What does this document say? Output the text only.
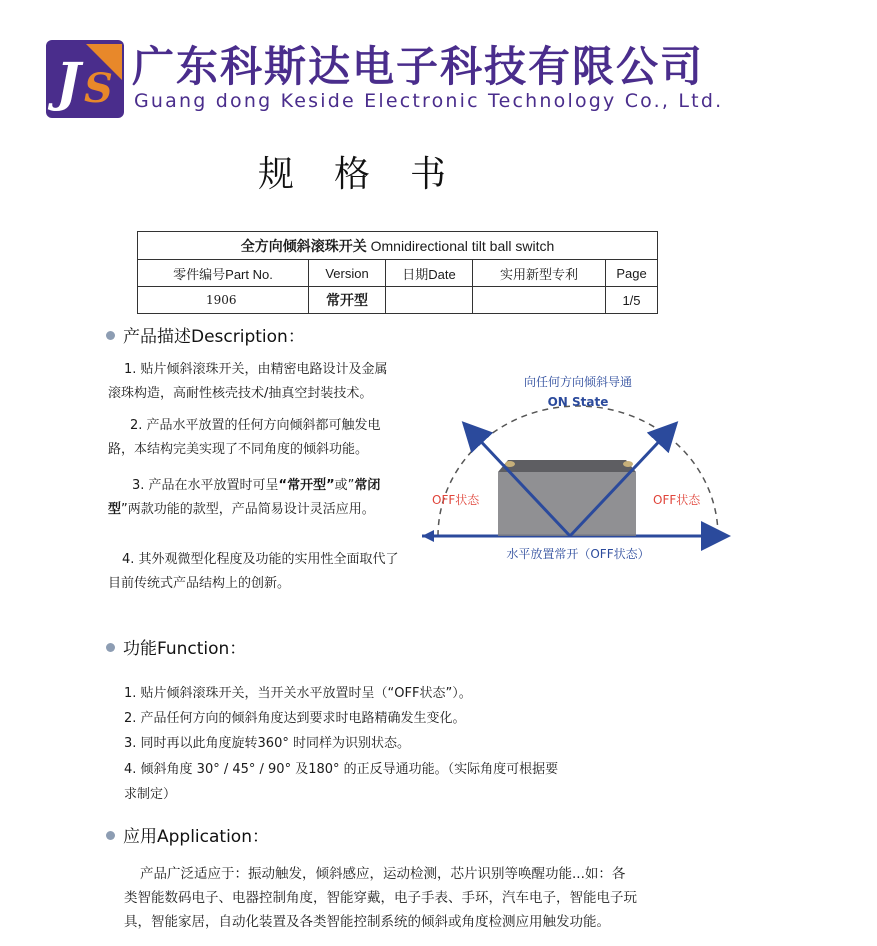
J S 广东科斯达电子科技有限公司
Guang dong Keside Electronic Technology Co., Ltd.
规格书
全方向倾斜滚珠开关 Omnidirectional tilt ball switch				
零件编号Part No.	Version	日期Date	实用新型专利	Page
1906	常开型			1/5
产品描述Description：
1. 贴片倾斜滚珠开关，由精密电路设计及金属滚珠构造，高耐性核壳技术/抽真空封装技术。
2. 产品水平放置的任何方向倾斜都可触发电路，本结构完美实现了不同角度的倾斜功能。
3. 产品在水平放置时可呈“常开型”或”常闭型”两款功能的款型，产品简易设计灵活应用。
4. 其外观微型化程度及功能的实用性全面取代了目前传统式产品结构上的创新。
向任何方向倾斜导通
ON State
OFF状态	OFF状态
水平放置常开（OFF状态）
功能Function：
1. 贴片倾斜滚珠开关，当开关水平放置时呈（“OFF状态”）。
2. 产品任何方向的倾斜角度达到要求时电路精确发生变化。
3. 同时再以此角度旋转360° 时同样为识别状态。
4. 倾斜角度 30° / 45° / 90° 及180° 的正反导通功能。（实际角度可根据要
求制定）
应用Application：
产品广泛适应于：振动触发，倾斜感应，运动检测，芯片识别等唤醒功能...如：各
类智能数码电子、电器控制角度，智能穿戴，电子手表、手环，汽车电子，智能电子玩
具，智能家居，自动化装置及各类智能控制系统的倾斜或角度检测应用触发功能。
